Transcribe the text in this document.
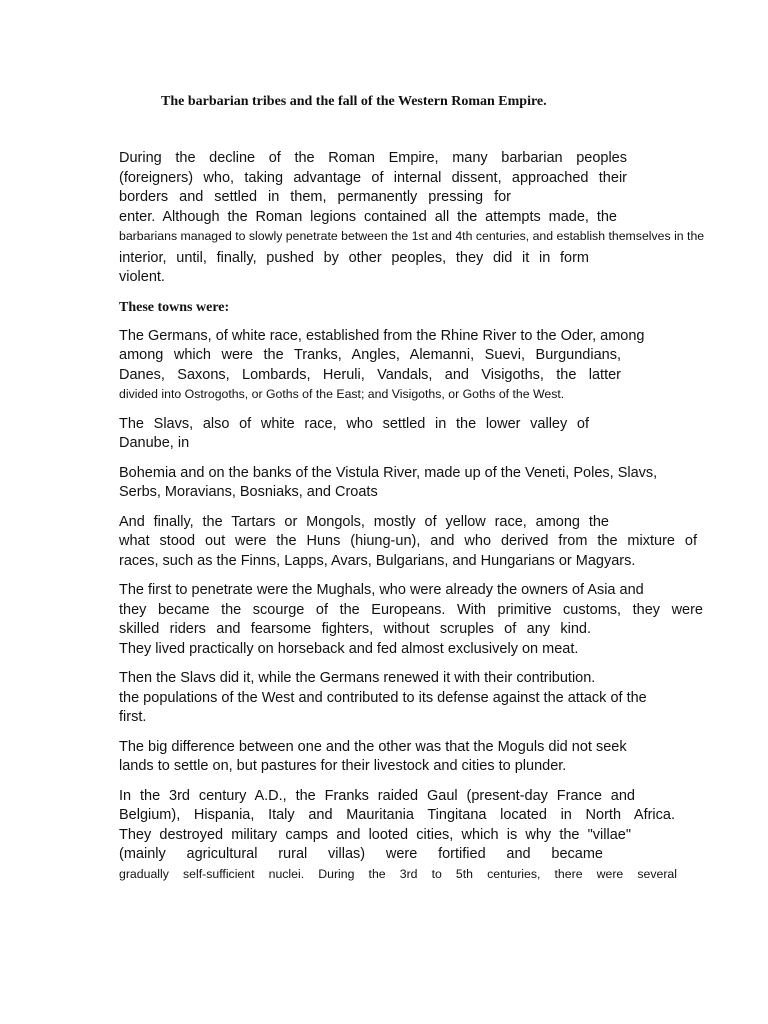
The barbarian tribes and the fall of the Western Roman Empire.

During the decline of the Roman Empire, many barbarian peoples
(foreigners) who, taking advantage of internal dissent, approached their
borders and settled in them, permanently pressing for
enter. Although the Roman legions contained all the attempts made, the
barbarians managed to slowly penetrate between the 1st and 4th centuries, and establish themselves in the
interior, until, finally, pushed by other peoples, they did it in form
violent.

These towns were:

The Germans, of white race, established from the Rhine River to the Oder, among
among which were the Tranks, Angles, Alemanni, Suevi, Burgundians,
Danes, Saxons, Lombards, Heruli, Vandals, and Visigoths, the latter
divided into Ostrogoths, or Goths of the East; and Visigoths, or Goths of the West.

The Slavs, also of white race, who settled in the lower valley of
Danube, in

Bohemia and on the banks of the Vistula River, made up of the Veneti, Poles, Slavs,
Serbs, Moravians, Bosniaks, and Croats

And finally, the Tartars or Mongols, mostly of yellow race, among the
what stood out were the Huns (hiung-un), and who derived from the mixture of
races, such as the Finns, Lapps, Avars, Bulgarians, and Hungarians or Magyars.

The first to penetrate were the Mughals, who were already the owners of Asia and
they became the scourge of the Europeans. With primitive customs, they were
skilled riders and fearsome fighters, without scruples of any kind.
They lived practically on horseback and fed almost exclusively on meat.

Then the Slavs did it, while the Germans renewed it with their contribution.
the populations of the West and contributed to its defense against the attack of the
first.

The big difference between one and the other was that the Moguls did not seek
lands to settle on, but pastures for their livestock and cities to plunder.

In the 3rd century A.D., the Franks raided Gaul (present-day France and
Belgium), Hispania, Italy and Mauritania Tingitana located in North Africa.
They destroyed military camps and looted cities, which is why the "villae"
(mainly agricultural rural villas) were fortified and became
gradually self-sufficient nuclei. During the 3rd to 5th centuries, there were several
